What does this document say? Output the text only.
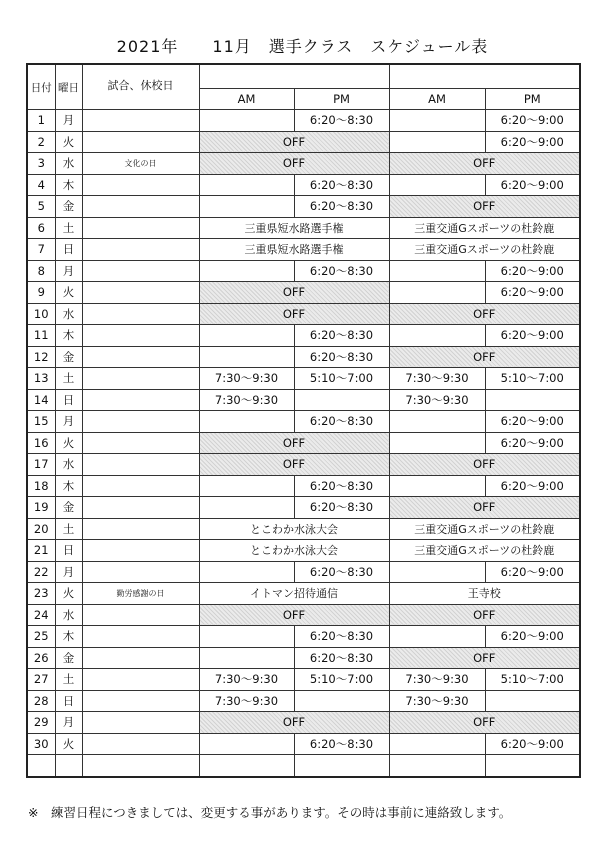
2021年　　11月　選手クラス　スケジュール表
日付	曜日	試合、休校日				
			AM	PM	AM	PM
1	月			6:20～8:30		6:20～9:00
2	火		OFF			6:20～9:00
3	水	文化の日	OFF		OFF	
4	木			6:20～8:30		6:20～9:00
5	金			6:20～8:30	OFF	
6	土		三重県短水路選手権		三重交通Gスポーツの杜鈴鹿	
7	日		三重県短水路選手権		三重交通Gスポーツの杜鈴鹿	
8	月			6:20～8:30		6:20～9:00
9	火		OFF			6:20～9:00
10	水		OFF		OFF	
11	木			6:20～8:30		6:20～9:00
12	金			6:20～8:30	OFF	
13	土		7:30～9:30	5:10～7:00	7:30～9:30	5:10～7:00
14	日		7:30～9:30		7:30～9:30	
15	月			6:20～8:30		6:20～9:00
16	火		OFF			6:20～9:00
17	水		OFF		OFF	
18	木			6:20～8:30		6:20～9:00
19	金			6:20～8:30	OFF	
20	土		とこわか水泳大会		三重交通Gスポーツの杜鈴鹿	
21	日		とこわか水泳大会		三重交通Gスポーツの杜鈴鹿	
22	月			6:20～8:30		6:20～9:00
23	火	勤労感謝の日	イトマン招待通信		王寺校	
24	水		OFF		OFF	
25	木			6:20～8:30		6:20～9:00
26	金			6:20～8:30	OFF	
27	土		7:30～9:30	5:10～7:00	7:30～9:30	5:10～7:00
28	日		7:30～9:30		7:30～9:30	
29	月		OFF		OFF	
30	火			6:20～8:30		6:20～9:00

※　練習日程につきましては、変更する事があります。その時は事前に連絡致します。
